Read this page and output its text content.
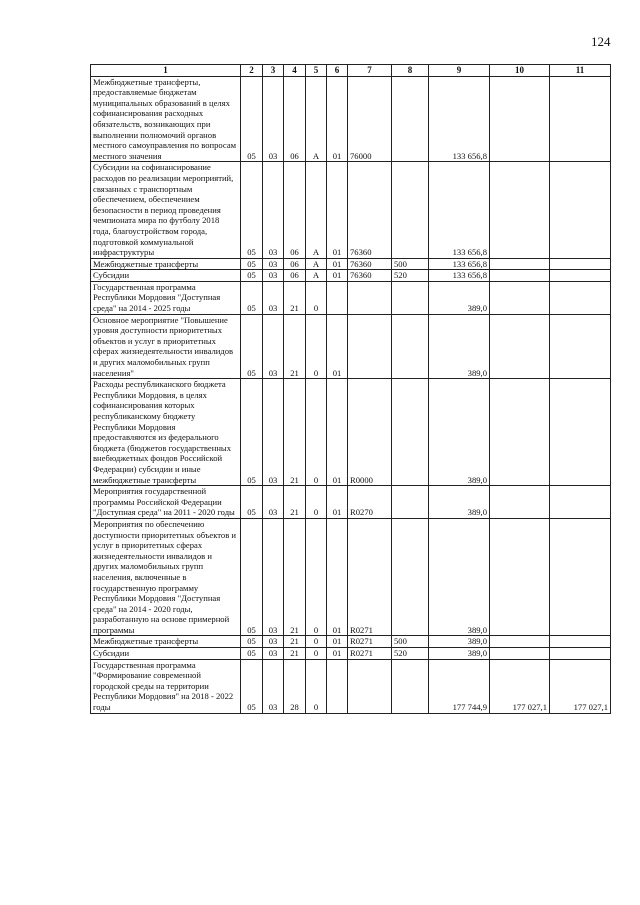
124
1	2	3	4	5	6	7	8	9	10	11
Межбюджетные трансферты, предоставляемые бюджетам муниципальных образований в целях софинансирования расходных обязательств, возникающих при выполнении полномочий органов местного самоуправления по вопросам местного значения	05	03	06	А	01	76000		133 656,8		
Субсидии на софинансирование расходов по реализации мероприятий, связанных с транспортным обеспечением, обеспечением безопасности в период проведения чемпионата мира по футболу 2018 года, благоустройством города, подготовкой коммунальной инфраструктуры	05	03	06	А	01	76360		133 656,8		
Межбюджетные трансферты	05	03	06	А	01	76360	500	133 656,8		
Субсидии	05	03	06	А	01	76360	520	133 656,8		
Государственная программа Республики Мордовия "Доступная среда" на 2014 - 2025 годы	05	03	21	0				389,0		
Основное мероприятие "Повышение уровня доступности приоритетных объектов и услуг в приоритетных сферах жизнедеятельности инвалидов и других маломобильных групп населения"	05	03	21	0	01			389,0		
Расходы республиканского бюджета Республики Мордовия, в целях софинансирования которых республиканскому бюджету Республики Мордовия предоставляются из федерального бюджета (бюджетов государственных внебюджетных фондов Российской Федерации) субсидии и иные межбюджетные трансферты	05	03	21	0	01	R0000		389,0		
Мероприятия государственной программы Российской Федерации "Доступная среда" на 2011 - 2020 годы	05	03	21	0	01	R0270		389,0		
Мероприятия по обеспечению доступности приоритетных объектов и услуг в приоритетных сферах жизнедеятельности инвалидов и других маломобильных групп населения, включенные в государственную программу Республики Мордовия "Доступная среда" на 2014 - 2020 годы, разработанную на основе примерной программы	05	03	21	0	01	R0271		389,0		
Межбюджетные трансферты	05	03	21	0	01	R0271	500	389,0		
Субсидии	05	03	21	0	01	R0271	520	389,0		
Государственная программа "Формирование современной городской среды на территории Республики Мордовия" на 2018 - 2022 годы	05	03	28	0				177 744,9	177 027,1	177 027,1
